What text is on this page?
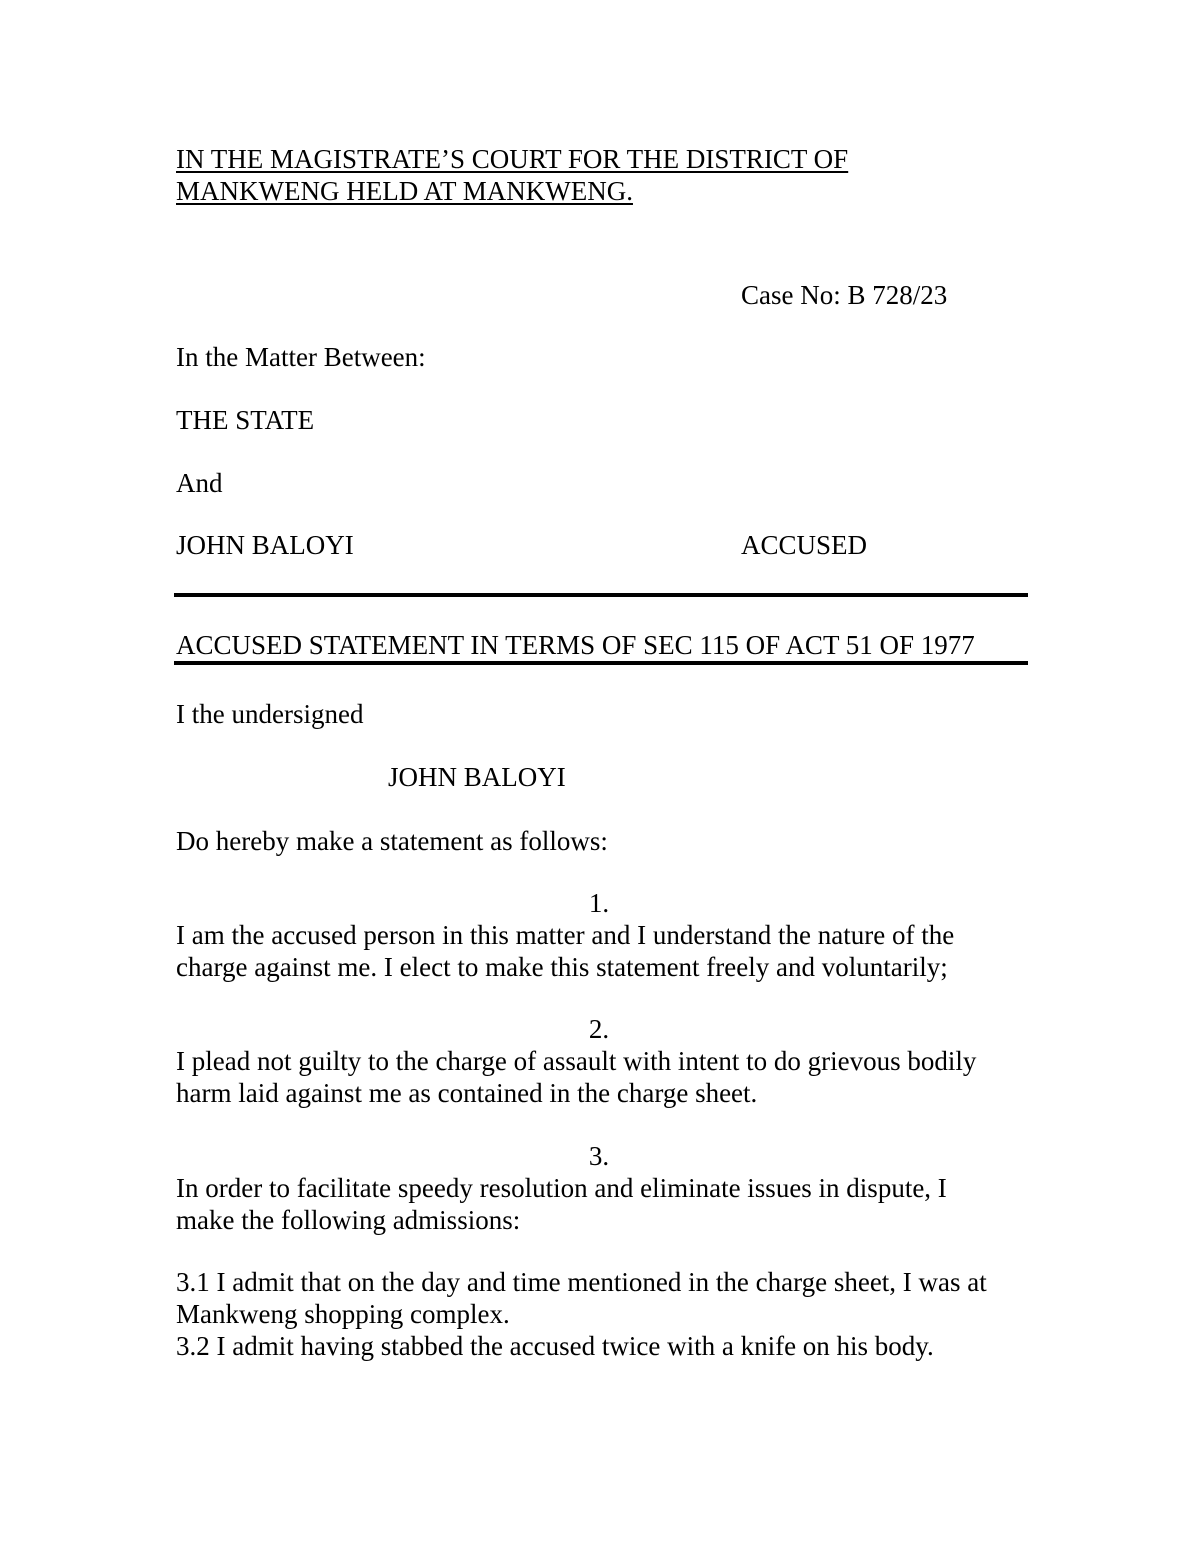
IN THE MAGISTRATE’S COURT FOR THE DISTRICT OF
MANKWENG HELD AT MANKWENG.
Case No: B 728/23
In the Matter Between:
THE STATE
And
JOHN BALOYI	ACCUSED
ACCUSED STATEMENT IN TERMS OF SEC 115 OF ACT 51 OF 1977
I the undersigned
JOHN BALOYI
Do hereby make a statement as follows:
1.
I am the accused person in this matter and I understand the nature of the
charge against me. I elect to make this statement freely and voluntarily;
2.
I plead not guilty to the charge of assault with intent to do grievous bodily
harm laid against me as contained in the charge sheet.
3.
In order to facilitate speedy resolution and eliminate issues in dispute, I
make the following admissions:
3.1 I admit that on the day and time mentioned in the charge sheet, I was at
Mankweng shopping complex.
3.2 I admit having stabbed the accused twice with a knife on his body.
